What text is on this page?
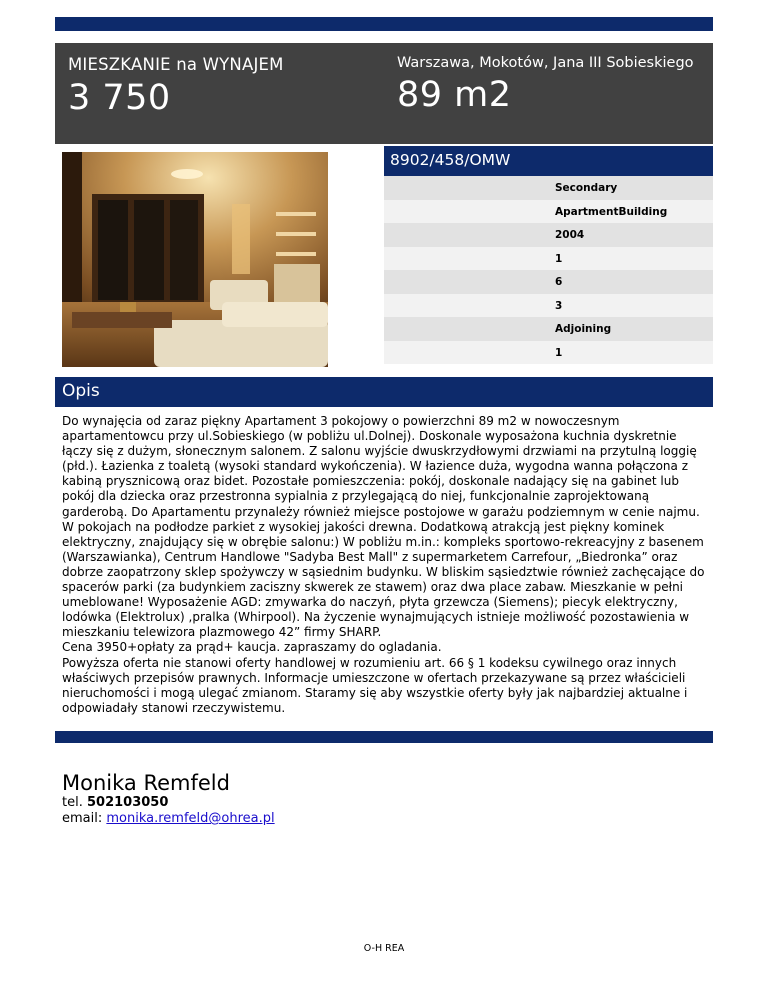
MIESZKANIE na WYNAJEM
3 750
Warszawa, Mokotów, Jana III Sobieskiego
89 m2
8902/458/OMW
Secondary
ApartmentBuilding
2004
1
6
3
Adjoining
1
Opis

Do wynajęcia od zaraz piękny Apartament 3 pokojowy o powierzchni 89 m2 w nowoczesnym apartamentowcu przy ul.Sobieskiego (w pobliżu ul.Dolnej). Doskonale wyposażona kuchnia dyskretnie łączy się z dużym, słonecznym salonem. Z salonu wyjście dwuskrzydłowymi drzwiami na przytulną loggię (płd.). Łazienka z toaletą (wysoki standard wykończenia). W łazience duża, wygodna wanna połączona z kabiną prysznicową oraz bidet. Pozostałe pomieszczenia: pokój, doskonale nadający się na gabinet lub pokój dla dziecka oraz przestronna sypialnia z przylegającą do niej, funkcjonalnie zaprojektowaną garderobą. Do Apartamentu przynależy również miejsce postojowe w garażu podziemnym w cenie najmu. W pokojach na podłodze parkiet z wysokiej jakości drewna. Dodatkową atrakcją jest piękny kominek elektryczny, znajdujący się w obrębie salonu:) W pobliżu m.in.: kompleks sportowo-rekreacyjny z basenem (Warszawianka), Centrum Handlowe "Sadyba Best Mall" z supermarketem Carrefour, „Biedronka” oraz dobrze zaopatrzony sklep spożywczy w sąsiednim budynku. W bliskim sąsiedztwie również zachęcające do spacerów parki (za budynkiem zaciszny skwerek ze stawem) oraz dwa place zabaw. Mieszkanie w pełni umeblowane! Wyposażenie AGD: zmywarka do naczyń, płyta grzewcza (Siemens); piecyk elektryczny, lodówka (Elektrolux) ,pralka (Whirpool). Na życzenie wynajmujących istnieje możliwość pozostawienia w mieszkaniu telewizora plazmowego 42” firmy SHARP.

Cena 3950+opłaty za prąd+ kaucja. zapraszamy do ogladania.

Powyższa oferta nie stanowi oferty handlowej w rozumieniu art. 66 § 1 kodeksu cywilnego oraz innych właściwych przepisów prawnych. Informacje umieszczone w ofertach przekazywane są przez właścicieli nieruchomości i mogą ulegać zmianom. Staramy się aby wszystkie oferty były jak najbardziej aktualne i odpowiadały stanowi rzeczywistemu.

Monika Remfeld
tel. 502103050
email: monika.remfeld@ohrea.pl
O-H REA
